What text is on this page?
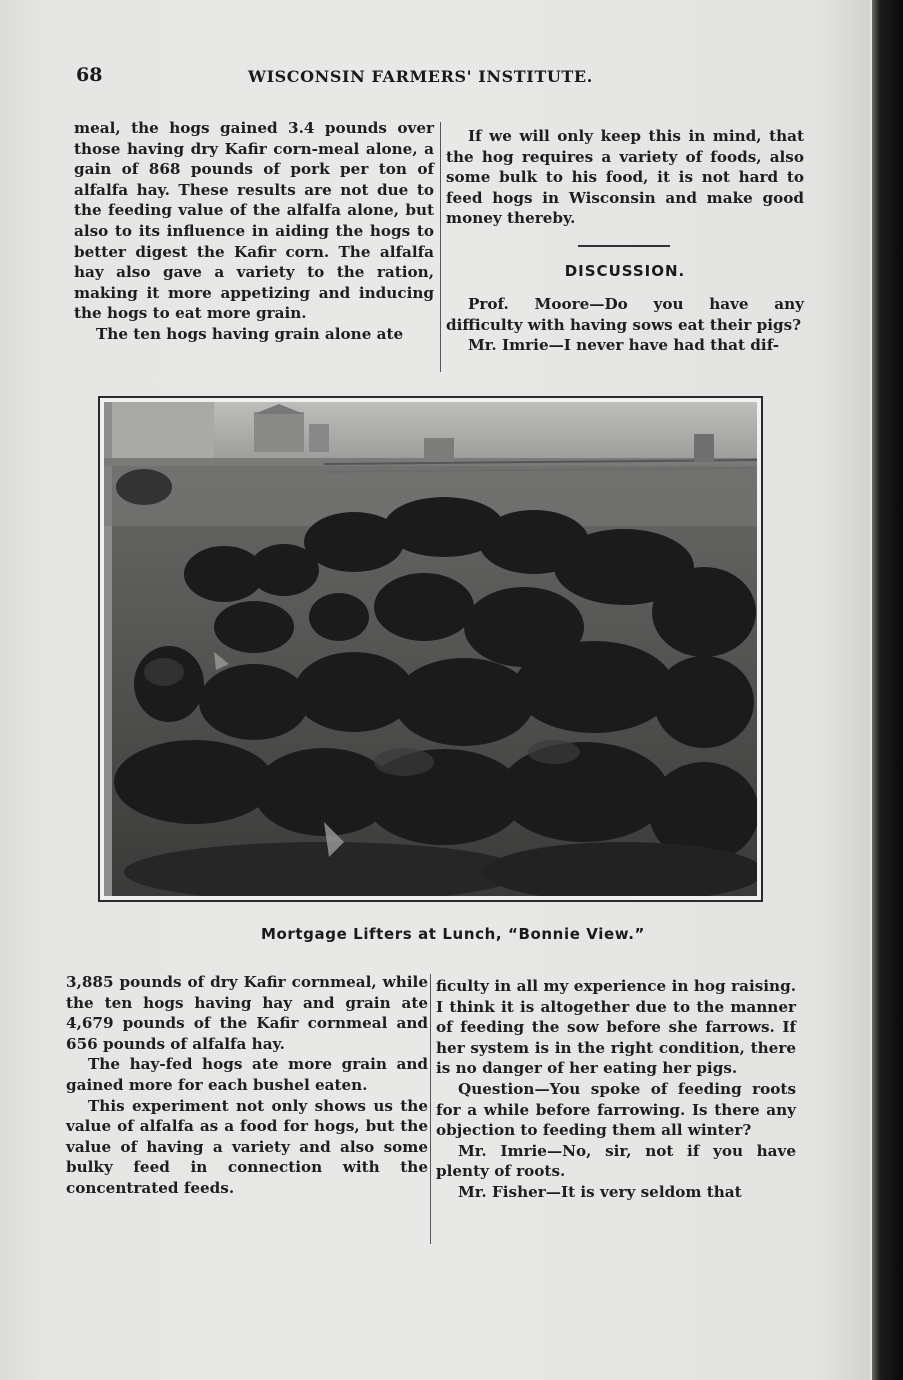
68	WISCONSIN FARMERS' INSTITUTE.

meal, the hogs gained 3.4 pounds over those having dry Kafir corn-meal alone, a gain of 868 pounds of pork per ton of alfalfa hay. These results are not due to the feeding value of the alfalfa alone, but also to its influence in aiding the hogs to better digest the Kafir corn. The alfalfa hay also gave a variety to the ration, making it more appetizing and inducing the hogs to eat more grain.

The ten hogs having grain alone ate

If we will only keep this in mind, that the hog requires a variety of foods, also some bulk to his food, it is not hard to feed hogs in Wisconsin and make good money thereby.

DISCUSSION.

Prof. Moore—Do you have any difficulty with having sows eat their pigs?

Mr. Imrie—I never have had that dif-

Mortgage Lifters at Lunch, “Bonnie View.”

3,885 pounds of dry Kafir cornmeal, while the ten hogs having hay and grain ate 4,679 pounds of the Kafir cornmeal and 656 pounds of alfalfa hay.

The hay-fed hogs ate more grain and gained more for each bushel eaten.

This experiment not only shows us the value of alfalfa as a food for hogs, but the value of having a variety and also some bulky feed in connection with the concentrated feeds.

ficulty in all my experience in hog raising. I think it is altogether due to the manner of feeding the sow before she farrows. If her system is in the right condition, there is no danger of her eating her pigs.

Question—You spoke of feeding roots for a while before farrowing. Is there any objection to feeding them all winter?

Mr. Imrie—No, sir, not if you have plenty of roots.

Mr. Fisher—It is very seldom that
